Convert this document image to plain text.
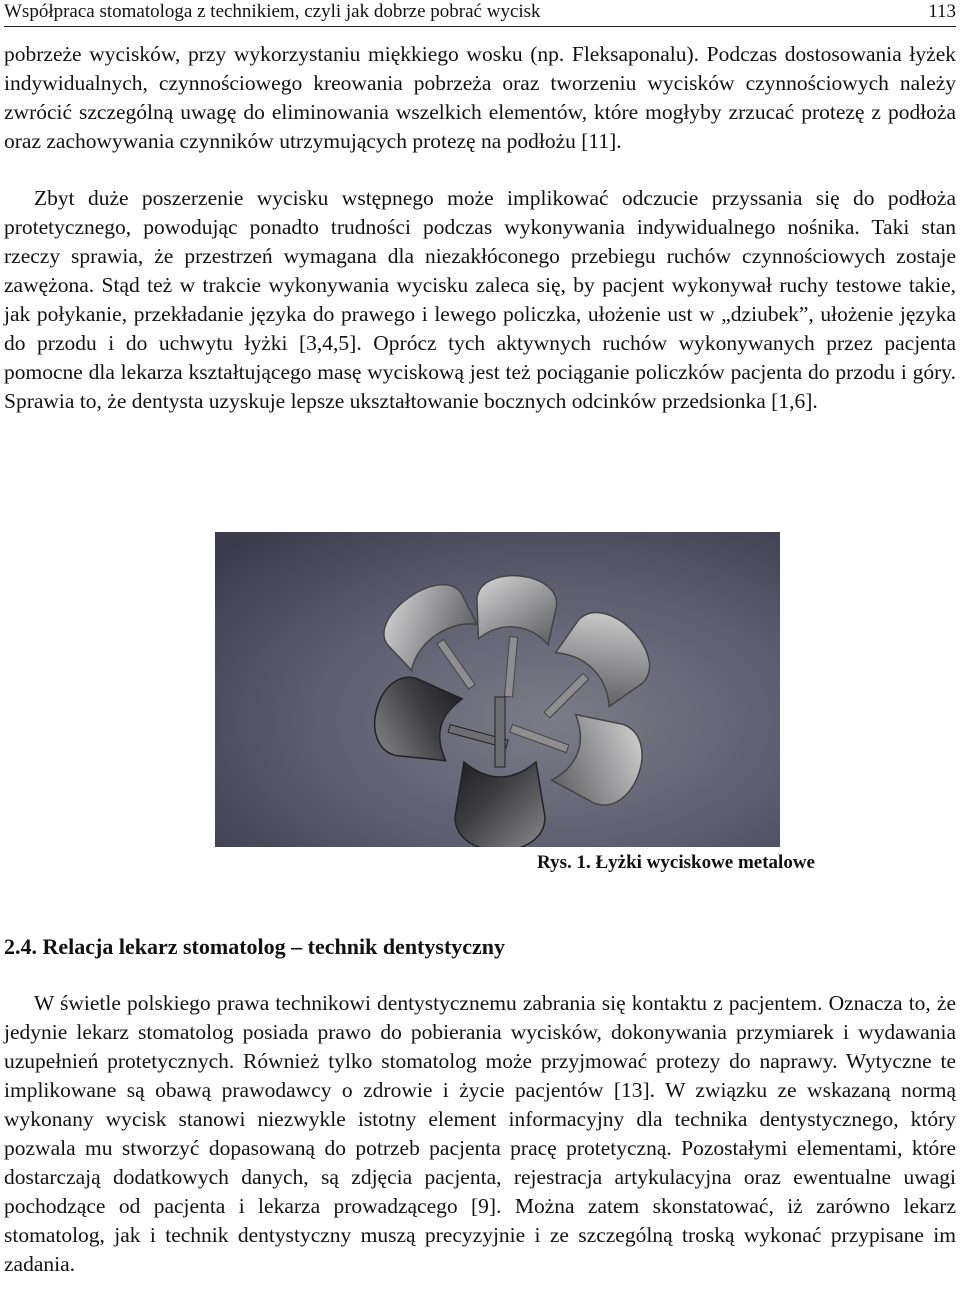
Współpraca stomatologa z technikiem, czyli jak dobrze pobrać wycisk	113

pobrzeże wycisków, przy wykorzystaniu miękkiego wosku (np. Fleksaponalu). Podczas dostosowania łyżek indywidualnych, czynnościowego kreowania pobrzeża oraz tworzeniu wycisków czynnościowych należy zwrócić szczególną uwagę do eliminowania wszelkich elementów, które mogłyby zrzucać protezę z podłoża oraz zachowywania czynników utrzymujących protezę na podłożu [11].

Zbyt duże poszerzenie wycisku wstępnego może implikować odczucie przyssania się do podłoża protetycznego, powodując ponadto trudności podczas wykonywania indywidualnego nośnika. Taki stan rzeczy sprawia, że przestrzeń wymagana dla niezakłóconego przebiegu ruchów czynnościowych zostaje zawężona. Stąd też w trakcie wykonywania wycisku zaleca się, by pacjent wykonywał ruchy testowe takie, jak połykanie, przekładanie języka do prawego i lewego policzka, ułożenie ust w „dziubek”, ułożenie języka do przodu i do uchwytu łyżki [3,4,5]. Oprócz tych aktywnych ruchów wykonywanych przez pacjenta pomocne dla lekarza kształtującego masę wyciskową jest też pociąganie policzków pacjenta do przodu i góry. Sprawia to, że dentysta uzyskuje lepsze ukształtowanie bocznych odcinków przedsionka [1,6].

Rys. 1. Łyżki wyciskowe metalowe
2.4. Relacja lekarz stomatolog – technik dentystyczny

W świetle polskiego prawa technikowi dentystycznemu zabrania się kontaktu z pacjentem. Oznacza to, że jedynie lekarz stomatolog posiada prawo do pobierania wycisków, dokonywania przymiarek i wydawania uzupełnień protetycznych. Również tylko stomatolog może przyjmować protezy do naprawy. Wytyczne te implikowane są obawą prawodawcy o zdrowie i życie pacjentów [13]. W związku ze wskazaną normą wykonany wycisk stanowi niezwykle istotny element informacyjny dla technika dentystycznego, który pozwala mu stworzyć dopasowaną do potrzeb pacjenta pracę protetyczną. Pozostałymi elementami, które dostarczają dodatkowych danych, są zdjęcia pacjenta, rejestracja artykulacyjna oraz ewentualne uwagi pochodzące od pacjenta i lekarza prowadzącego [9]. Można zatem skonstatować, iż zarówno lekarz stomatolog, jak i technik dentystyczny muszą precyzyjnie i ze szczególną troską wykonać przypisane im zadania.
